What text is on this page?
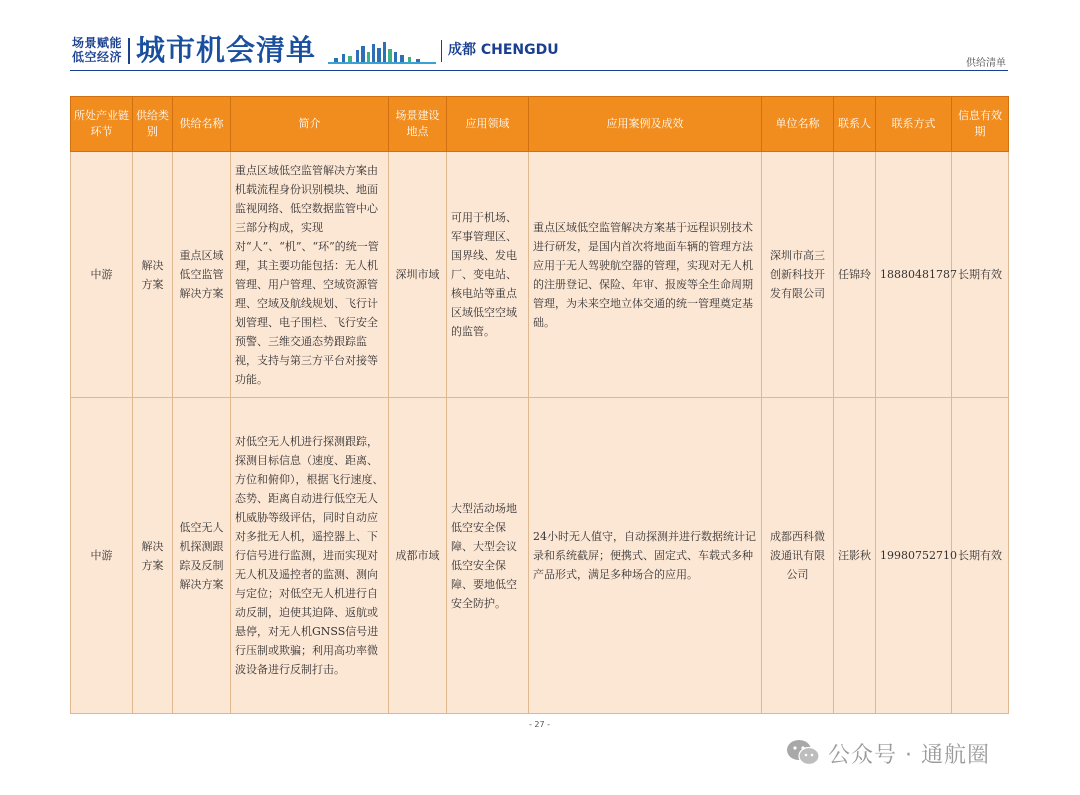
场景赋能
低空经济 城市机会清单	成都 CHENGDU
供给清单
所处产业链环节	供给类别	供给名称	简介	场景建设地点	应用领域	应用案例及成效	单位名称	联系人	联系方式	信息有效期
中游	解决方案	重点区域低空监管解决方案	重点区域低空监管解决方案由机载流程身份识别模块、地面监视网络、低空数据监管中心三部分构成，实现对“人”、“机”、“环”的统一管理，其主要功能包括：无人机管理、用户管理、空域资源管理、空域及航线规划、飞行计划管理、电子围栏、飞行安全预警、三维交通态势跟踪监视，支持与第三方平台对接等功能。	深圳市域	可用于机场、军事管理区、国界线、发电厂、变电站、核电站等重点区域低空空域的监管。	重点区域低空监管解决方案基于远程识别技术进行研发，是国内首次将地面车辆的管理方法应用于无人驾驶航空器的管理，实现对无人机的注册登记、保险、年审、报废等全生命周期管理，为未来空地立体交通的统一管理奠定基础。	深圳市高三创新科技开发有限公司	任锦玲	18880481787	长期有效
中游	解决方案	低空无人机探测跟踪及反制解决方案	对低空无人机进行探测跟踪，探测目标信息（速度、距离、方位和俯仰），根据飞行速度、态势、距离自动进行低空无人机威胁等级评估，同时自动应对多批无人机，遥控器上、下行信号进行监测，进而实现对无人机及遥控者的监测、测向与定位；对低空无人机进行自动反制，迫使其迫降、返航或悬停，对无人机GNSS信号进行压制或欺骗；利用高功率微波设备进行反制打击。	成都市域	大型活动场地低空安全保障、大型会议低空安全保障、要地低空安全防护。	24小时无人值守，自动探测并进行数据统计记录和系统截屏；便携式、固定式、车载式多种产品形式，满足多种场合的应用。	成都西科微波通讯有限公司	汪影秋	19980752710	长期有效
- 27 -
公众号 · 通航圈
